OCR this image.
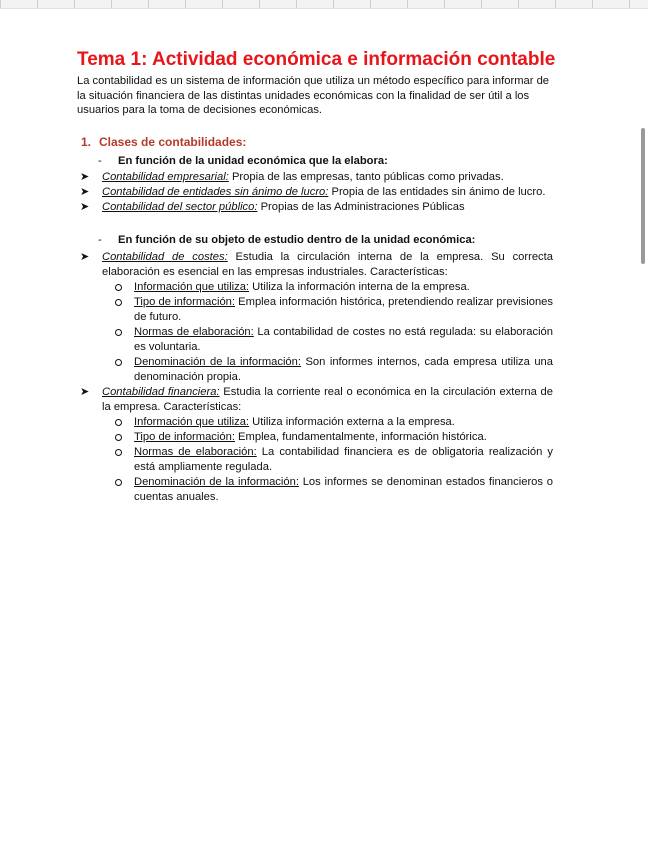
Tema 1: Actividad económica e información contable

La contabilidad es un sistema de información que utiliza un método específico para informar de la situación financiera de las distintas unidades económicas con la finalidad de ser útil a los usuarios para la toma de decisiones económicas.

1. Clases de contabilidades:
- En función de la unidad económica que la elabora:
➤ Contabilidad empresarial: Propia de las empresas, tanto públicas como privadas.
➤ Contabilidad de entidades sin ánimo de lucro: Propia de las entidades sin ánimo de lucro.
➤ Contabilidad del sector público: Propias de las Administraciones Públicas
- En función de su objeto de estudio dentro de la unidad económica:
➤ Contabilidad de costes: Estudia la circulación interna de la empresa. Su correcta elaboración es esencial en las empresas industriales. Características:
Información que utiliza: Utiliza la información interna de la empresa.
Tipo de información: Emplea información histórica, pretendiendo realizar previsiones de futuro.
Normas de elaboración: La contabilidad de costes no está regulada: su elaboración es voluntaria.
Denominación de la información: Son informes internos, cada empresa utiliza una denominación propia.
➤ Contabilidad financiera: Estudia la corriente real o económica en la circulación externa de la empresa. Características:
Información que utiliza: Utiliza información externa a la empresa.
Tipo de información: Emplea, fundamentalmente, información histórica.
Normas de elaboración: La contabilidad financiera es de obligatoria realización y está ampliamente regulada.
Denominación de la información: Los informes se denominan estados financieros o cuentas anuales.
